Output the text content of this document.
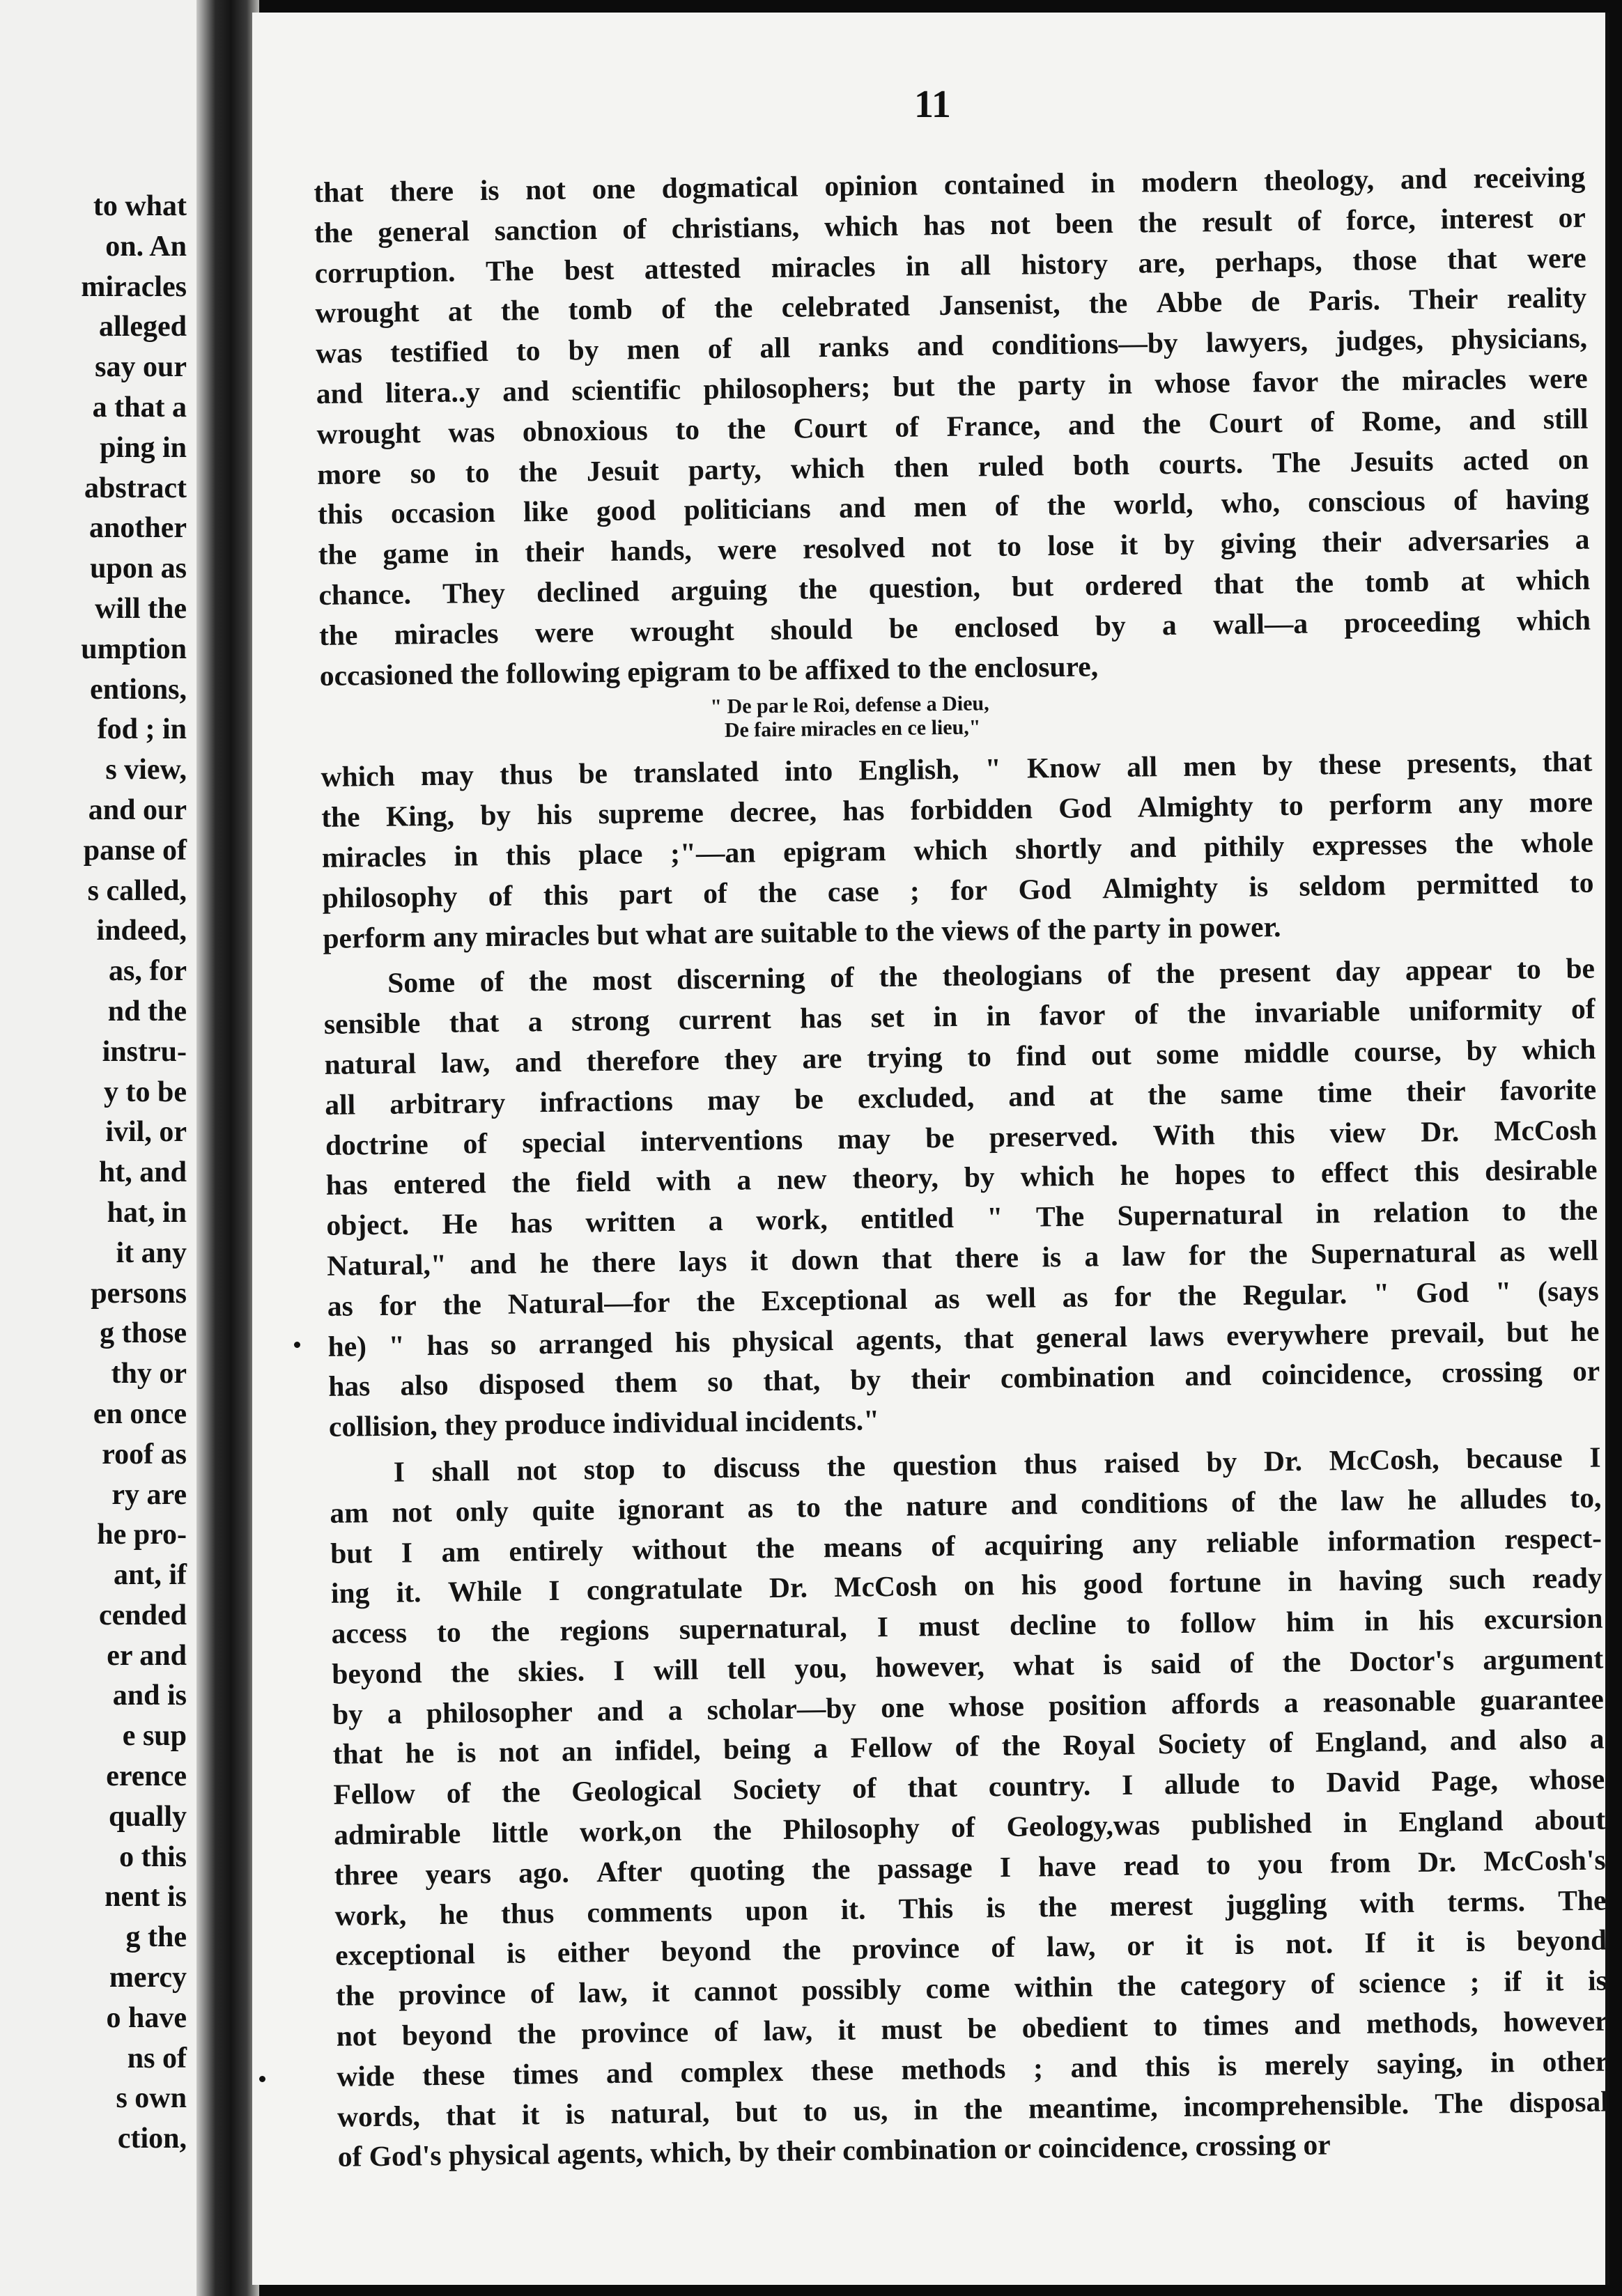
to what
on. An
miracles
alleged
say our
a that a
ping in
abstract
another
upon as
will the
umption
entions,
fod ; in
s view,
and our
panse of
s called,
indeed,
as, for
nd the
instru-
y to be
ivil, or
ht, and
hat, in
it any
persons
g those
thy or
en once
roof as
ry are
he pro-
ant, if
cended
er and
and is
e sup
erence
qually
o this
nent is
g the
mercy
o have
ns of
s own
ction,
11
that there is not one dogmatical opinion contained in modern theology, and receiving
the general sanction of christians, which has not been the result of force, interest or
corruption. The best attested miracles in all history are, perhaps, those that were
wrought at the tomb of the celebrated Jansenist, the Abbe de Paris. Their reality
was testified to by men of all ranks and conditions—by lawyers, judges, physicians,
and litera..y and scientific philosophers; but the party in whose favor the miracles were
wrought was obnoxious to the Court of France, and the Court of Rome, and still
more so to the Jesuit party, which then ruled both courts. The Jesuits acted on
this occasion like good politicians and men of the world, who, conscious of having
the game in their hands, were resolved not to lose it by giving their adversaries a
chance. They declined arguing the question, but ordered that the tomb at which
the miracles were wrought should be enclosed by a wall—a proceeding which
occasioned the following epigram to be affixed to the enclosure,
" De par le Roi, defense a Dieu,
De faire miracles en ce lieu,"
which may thus be translated into English, " Know all men by these presents, that
the King, by his supreme decree, has forbidden God Almighty to perform any more
miracles in this place ;"—an epigram which shortly and pithily expresses the whole
philosophy of this part of the case ; for God Almighty is seldom permitted to
perform any miracles but what are suitable to the views of the party in power.
Some of the most discerning of the theologians of the present day appear to be
sensible that a strong current has set in in favor of the invariable uniformity of
natural law, and therefore they are trying to find out some middle course, by which
all arbitrary infractions may be excluded, and at the same time their favorite
doctrine of special interventions may be preserved. With this view Dr. McCosh
has entered the field with a new theory, by which he hopes to effect this desirable
object. He has written a work, entitled " The Supernatural in relation to the
Natural," and he there lays it down that there is a law for the Supernatural as well
as for the Natural—for the Exceptional as well as for the Regular. " God " (says
he) " has so arranged his physical agents, that general laws everywhere prevail, but he
has also disposed them so that, by their combination and coincidence, crossing or
collision, they produce individual incidents."
I shall not stop to discuss the question thus raised by Dr. McCosh, because I
am not only quite ignorant as to the nature and conditions of the law he alludes to,
but I am entirely without the means of acquiring any reliable information respect-
ing it. While I congratulate Dr. McCosh on his good fortune in having such ready
access to the regions supernatural, I must decline to follow him in his excursion
beyond the skies. I will tell you, however, what is said of the Doctor's argument
by a philosopher and a scholar—by one whose position affords a reasonable guarantee
that he is not an infidel, being a Fellow of the Royal Society of England, and also a
Fellow of the Geological Society of that country. I allude to David Page, whose
admirable little work,on the Philosophy of Geology,was published in England about
three years ago. After quoting the passage I have read to you from Dr. McCosh's
work, he thus comments upon it. This is the merest juggling with terms. The
exceptional is either beyond the province of law, or it is not. If it is beyond
the province of law, it cannot possibly come within the category of science ; if it is
not beyond the province of law, it must be obedient to times and methods, however
wide these times and complex these methods ; and this is merely saying, in other
words, that it is natural, but to us, in the meantime, incomprehensible. The disposal
of God's physical agents, which, by their combination or coincidence, crossing or
